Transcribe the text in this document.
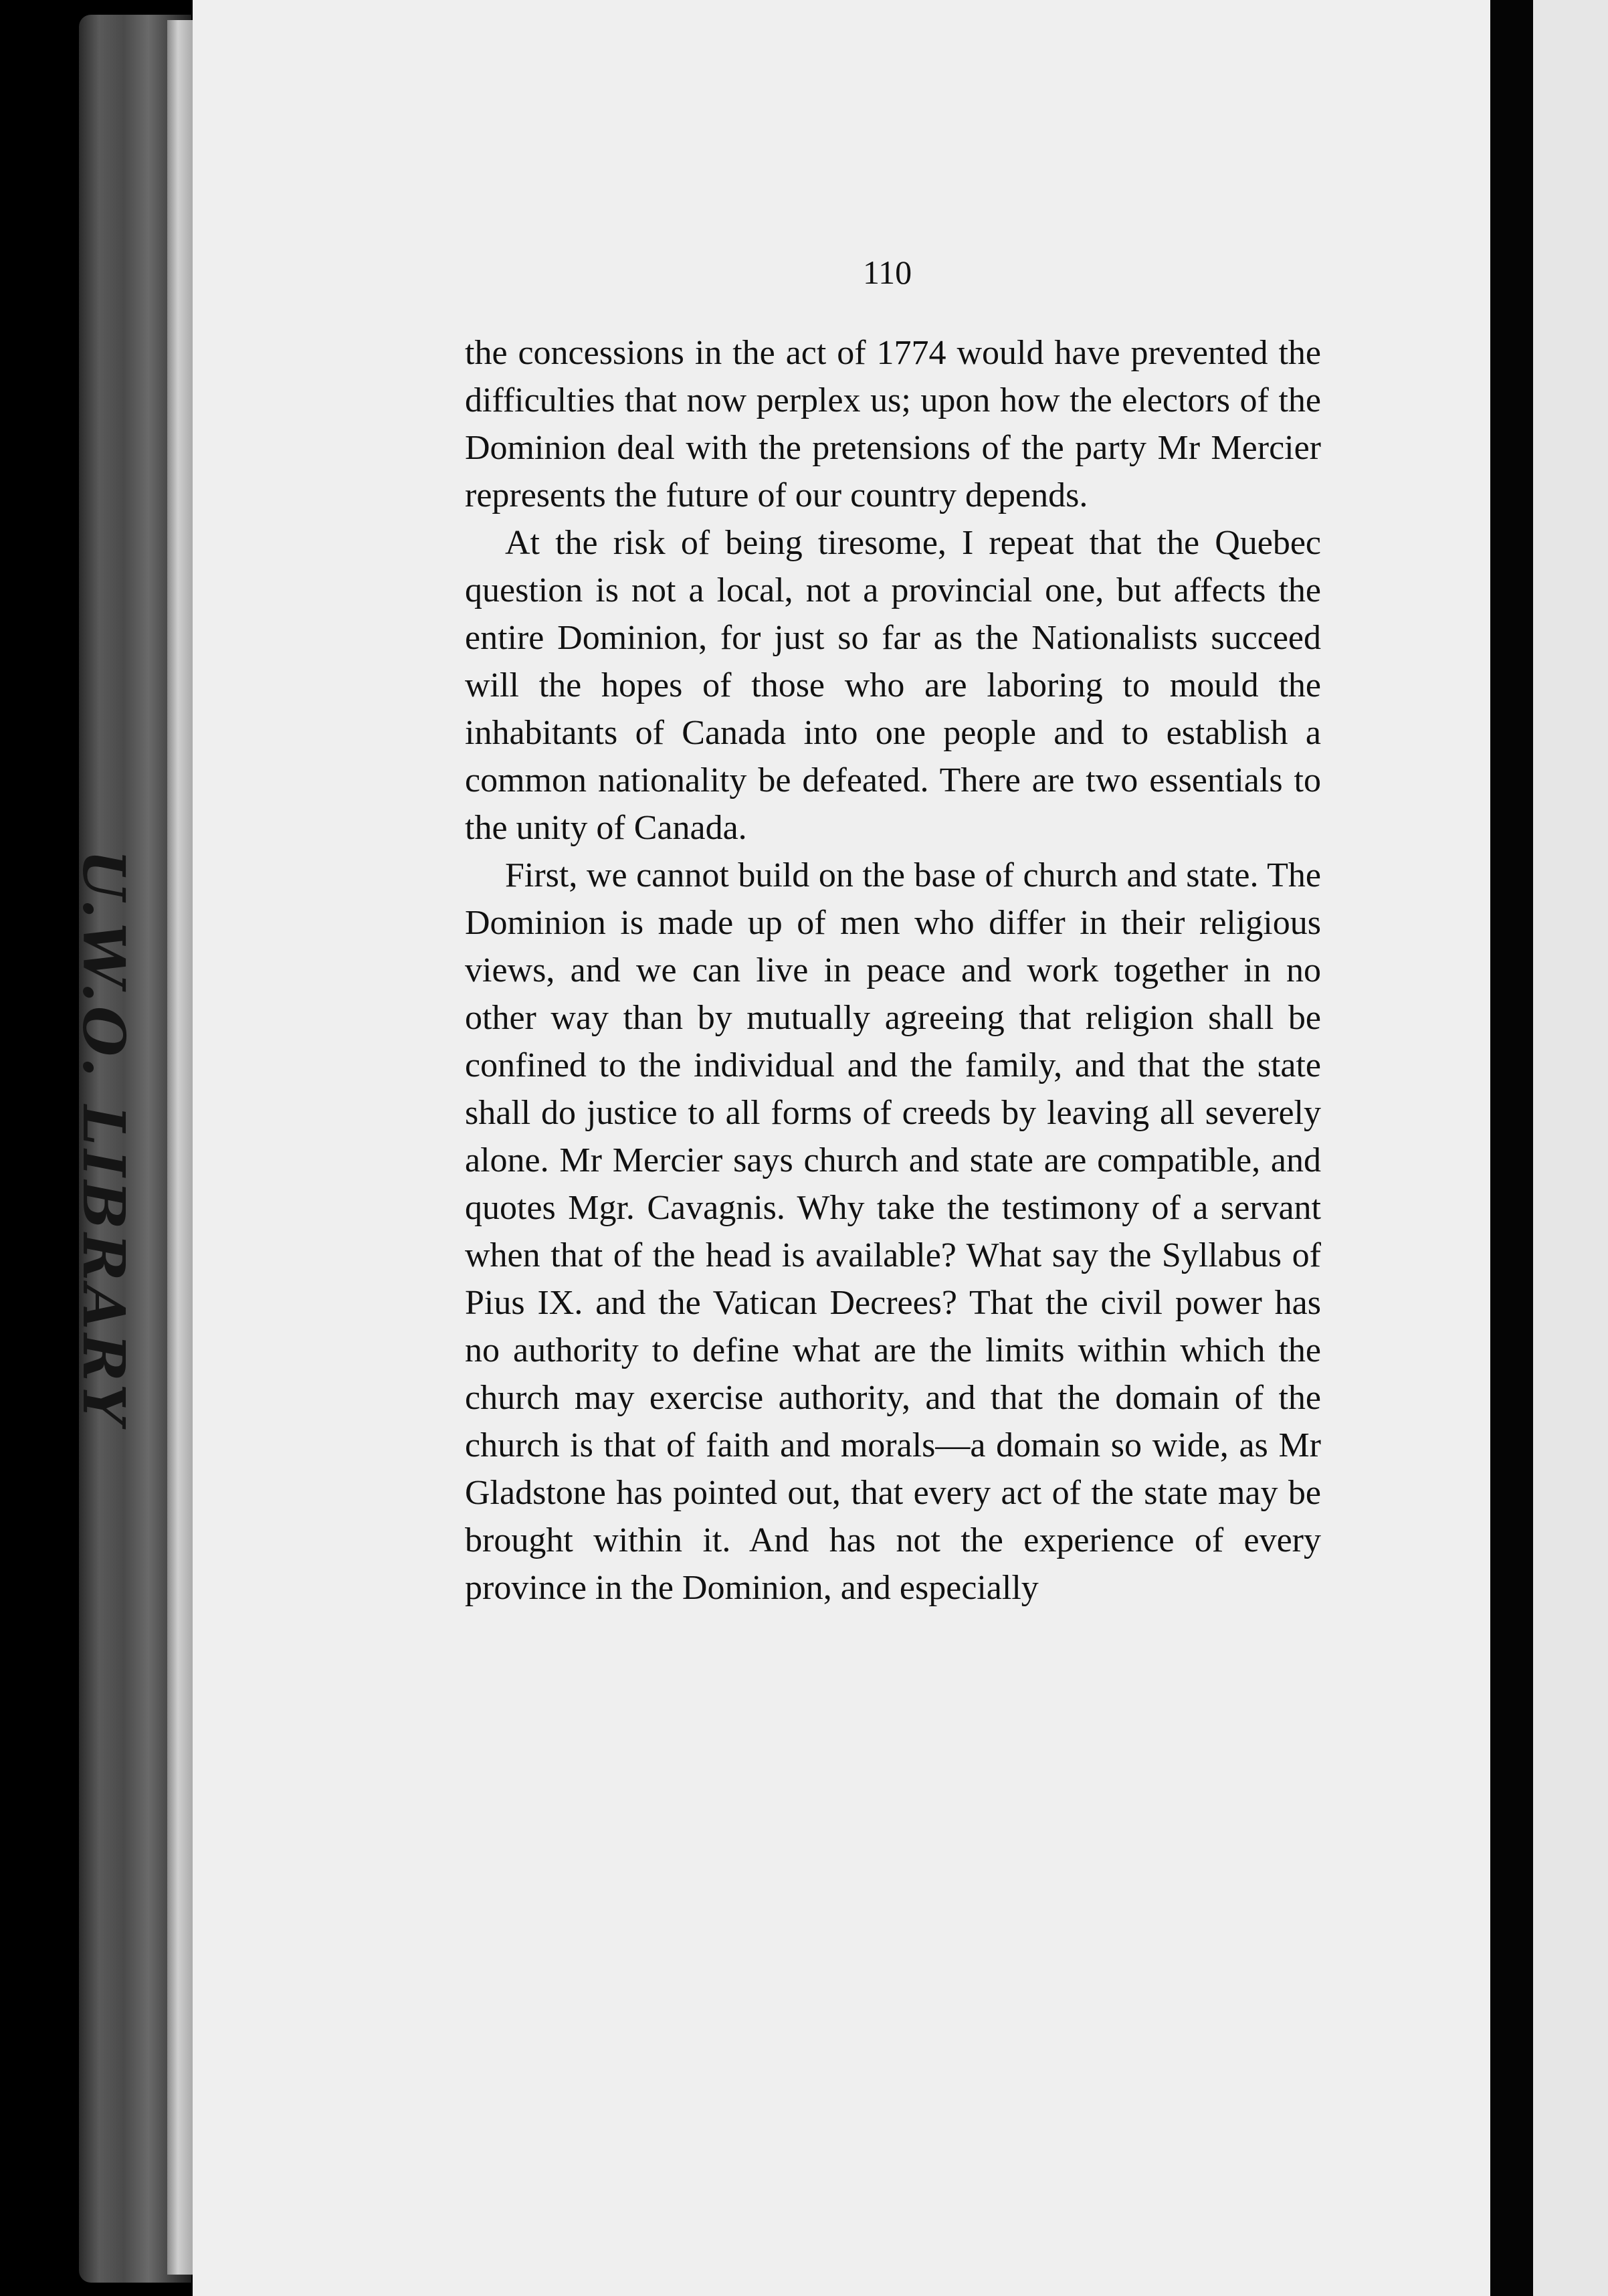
U.W.O. LIBRARY
110

the concessions in the act of 1774 would have prevented the difficulties that now perplex us; upon how the electors of the Dominion deal with the pretensions of the party Mr Mercier represents the future of our country depends.

At the risk of being tiresome, I repeat that the Quebec question is not a local, not a provincial one, but affects the entire Dominion, for just so far as the Nationalists succeed will the hopes of those who are laboring to mould the inhabitants of Canada into one people and to establish a common nationality be defeated. There are two essentials to the unity of Canada.

First, we cannot build on the base of church and state. The Dominion is made up of men who differ in their religious views, and we can live in peace and work together in no other way than by mutually agreeing that religion shall be confined to the individual and the family, and that the state shall do justice to all forms of creeds by leaving all severely alone. Mr Mercier says church and state are compatible, and quotes Mgr. Cavagnis. Why take the testimony of a servant when that of the head is available? What say the Syllabus of Pius IX. and the Vatican Decrees? That the civil power has no authority to define what are the limits within which the church may exercise authority, and that the domain of the church is that of faith and morals—a domain so wide, as Mr Gladstone has pointed out, that every act of the state may be brought within it. And has not the experience of every province in the Dominion, and especially
